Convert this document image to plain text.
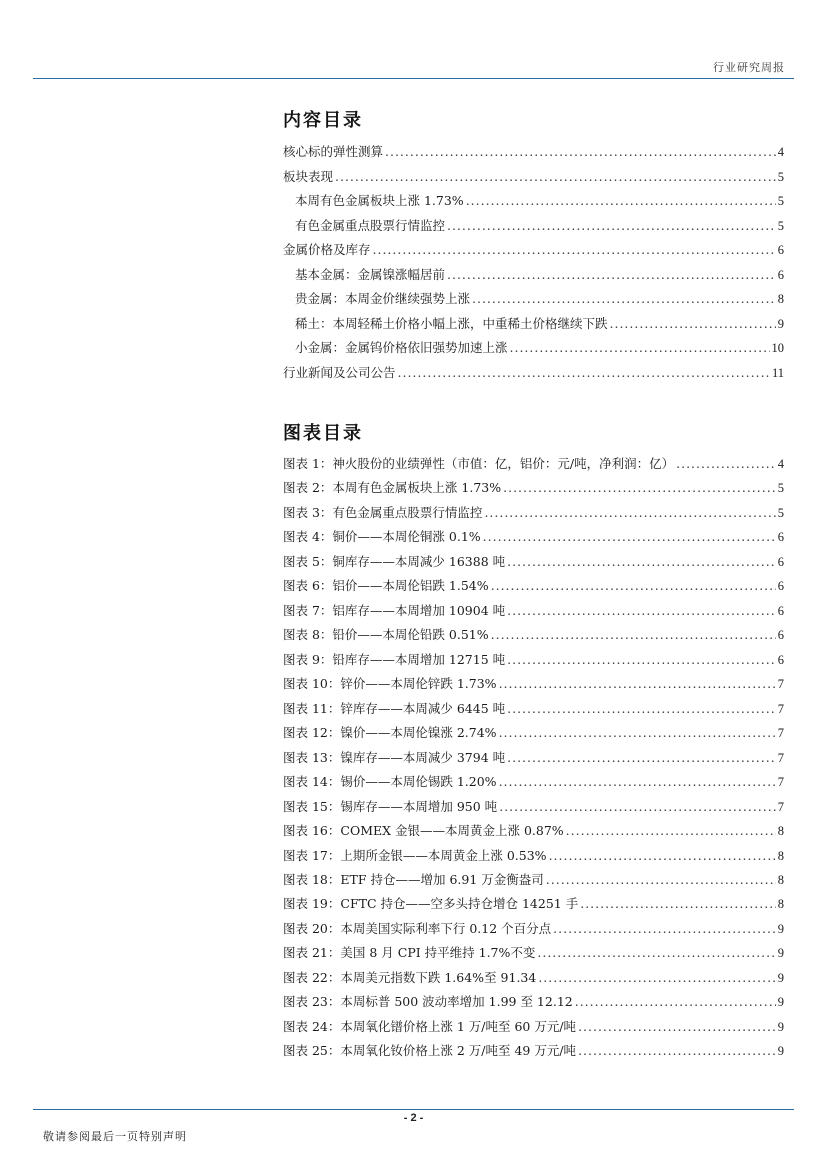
行业研究周报
内容目录
核心标的弹性测算 .....	4
板块表现 .....	5
本周有色金属板块上涨 1.73% .....	5
有色金属重点股票行情监控 .....	5
金属价格及库存 .....	6
基本金属：金属镍涨幅居前 .....	6
贵金属：本周金价继续强势上涨 .....	8
稀土：本周轻稀土价格小幅上涨，中重稀土价格继续下跌 .....	9
小金属：金属钨价格依旧强势加速上涨 .....	10
行业新闻及公司公告 .....	11
图表目录
图表 1：神火股份的业绩弹性（市值：亿，铝价：元/吨，净利润：亿） .....	4
图表 2：本周有色金属板块上涨 1.73% .....	5
图表 3：有色金属重点股票行情监控 .....	5
图表 4：铜价——本周伦铜涨 0.1% .....	6
图表 5：铜库存——本周减少 16388 吨 .....	6
图表 6：铝价——本周伦铝跌 1.54% .....	6
图表 7：铝库存——本周增加 10904 吨 .....	6
图表 8：铅价——本周伦铅跌 0.51% .....	6
图表 9：铅库存——本周增加 12715 吨 .....	6
图表 10：锌价——本周伦锌跌 1.73% .....	7
图表 11：锌库存——本周减少 6445 吨 .....	7
图表 12：镍价——本周伦镍涨 2.74% .....	7
图表 13：镍库存——本周减少 3794 吨 .....	7
图表 14：锡价——本周伦锡跌 1.20% .....	7
图表 15：锡库存——本周增加 950 吨 .....	7
图表 16：COMEX 金银——本周黄金上涨 0.87% .....	8
图表 17：上期所金银——本周黄金上涨 0.53% .....	8
图表 18：ETF 持仓——增加 6.91 万金衡盎司 .....	8
图表 19：CFTC 持仓——空多头持仓增仓 14251 手 .....	8
图表 20：本周美国实际利率下行 0.12 个百分点 .....	9
图表 21：美国 8 月 CPI 持平维持 1.7%不变 .....	9
图表 22：本周美元指数下跌 1.64%至 91.34 .....	9
图表 23：本周标普 500 波动率增加 1.99 至 12.12 .....	9
图表 24：本周氧化镨价格上涨 1 万/吨至 60 万元/吨 .....	9
图表 25：本周氧化钕价格上涨 2 万/吨至 49 万元/吨 .....	9
- 2 -
敬请参阅最后一页特别声明
